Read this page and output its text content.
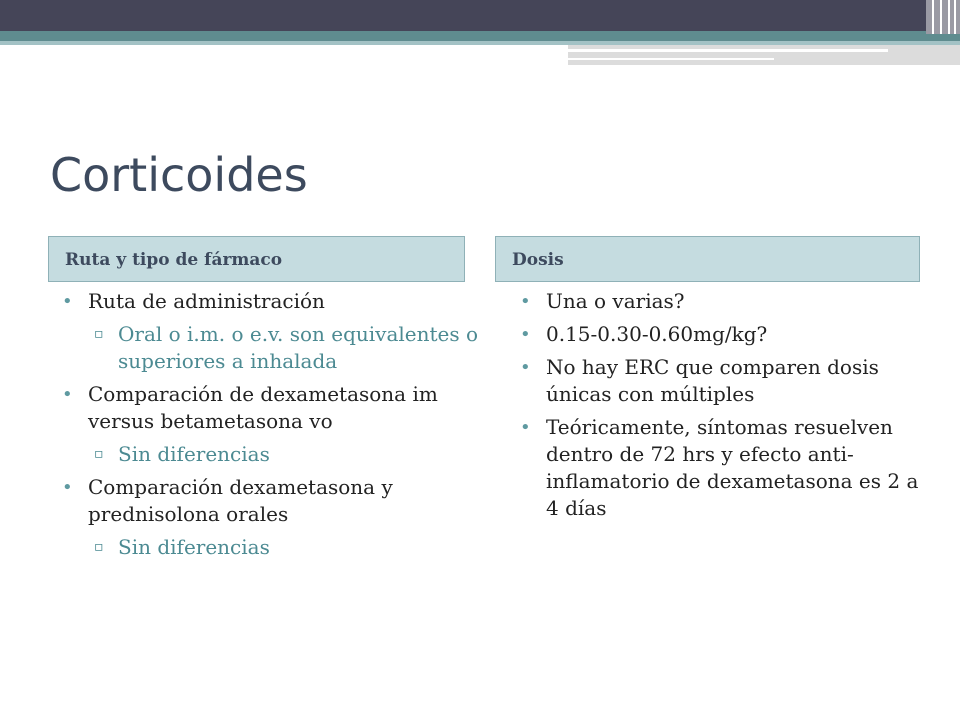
Corticoides
Ruta y tipo de fármaco	Dosis
• Ruta de administración
▫ Oral o i.m. o e.v. son equivalentes o superiores a inhalada
• Comparación de dexametasona im versus betametasona vo
▫ Sin diferencias
• Comparación dexametasona y prednisolona orales
▫ Sin diferencias
• Una o varias?
• 0.15-0.30-0.60mg/kg?
• No hay ERC que comparen dosis únicas con múltiples
• Teóricamente, síntomas resuelven dentro de 72 hrs y efecto anti-inflamatorio de dexametasona es 2 a 4 días
